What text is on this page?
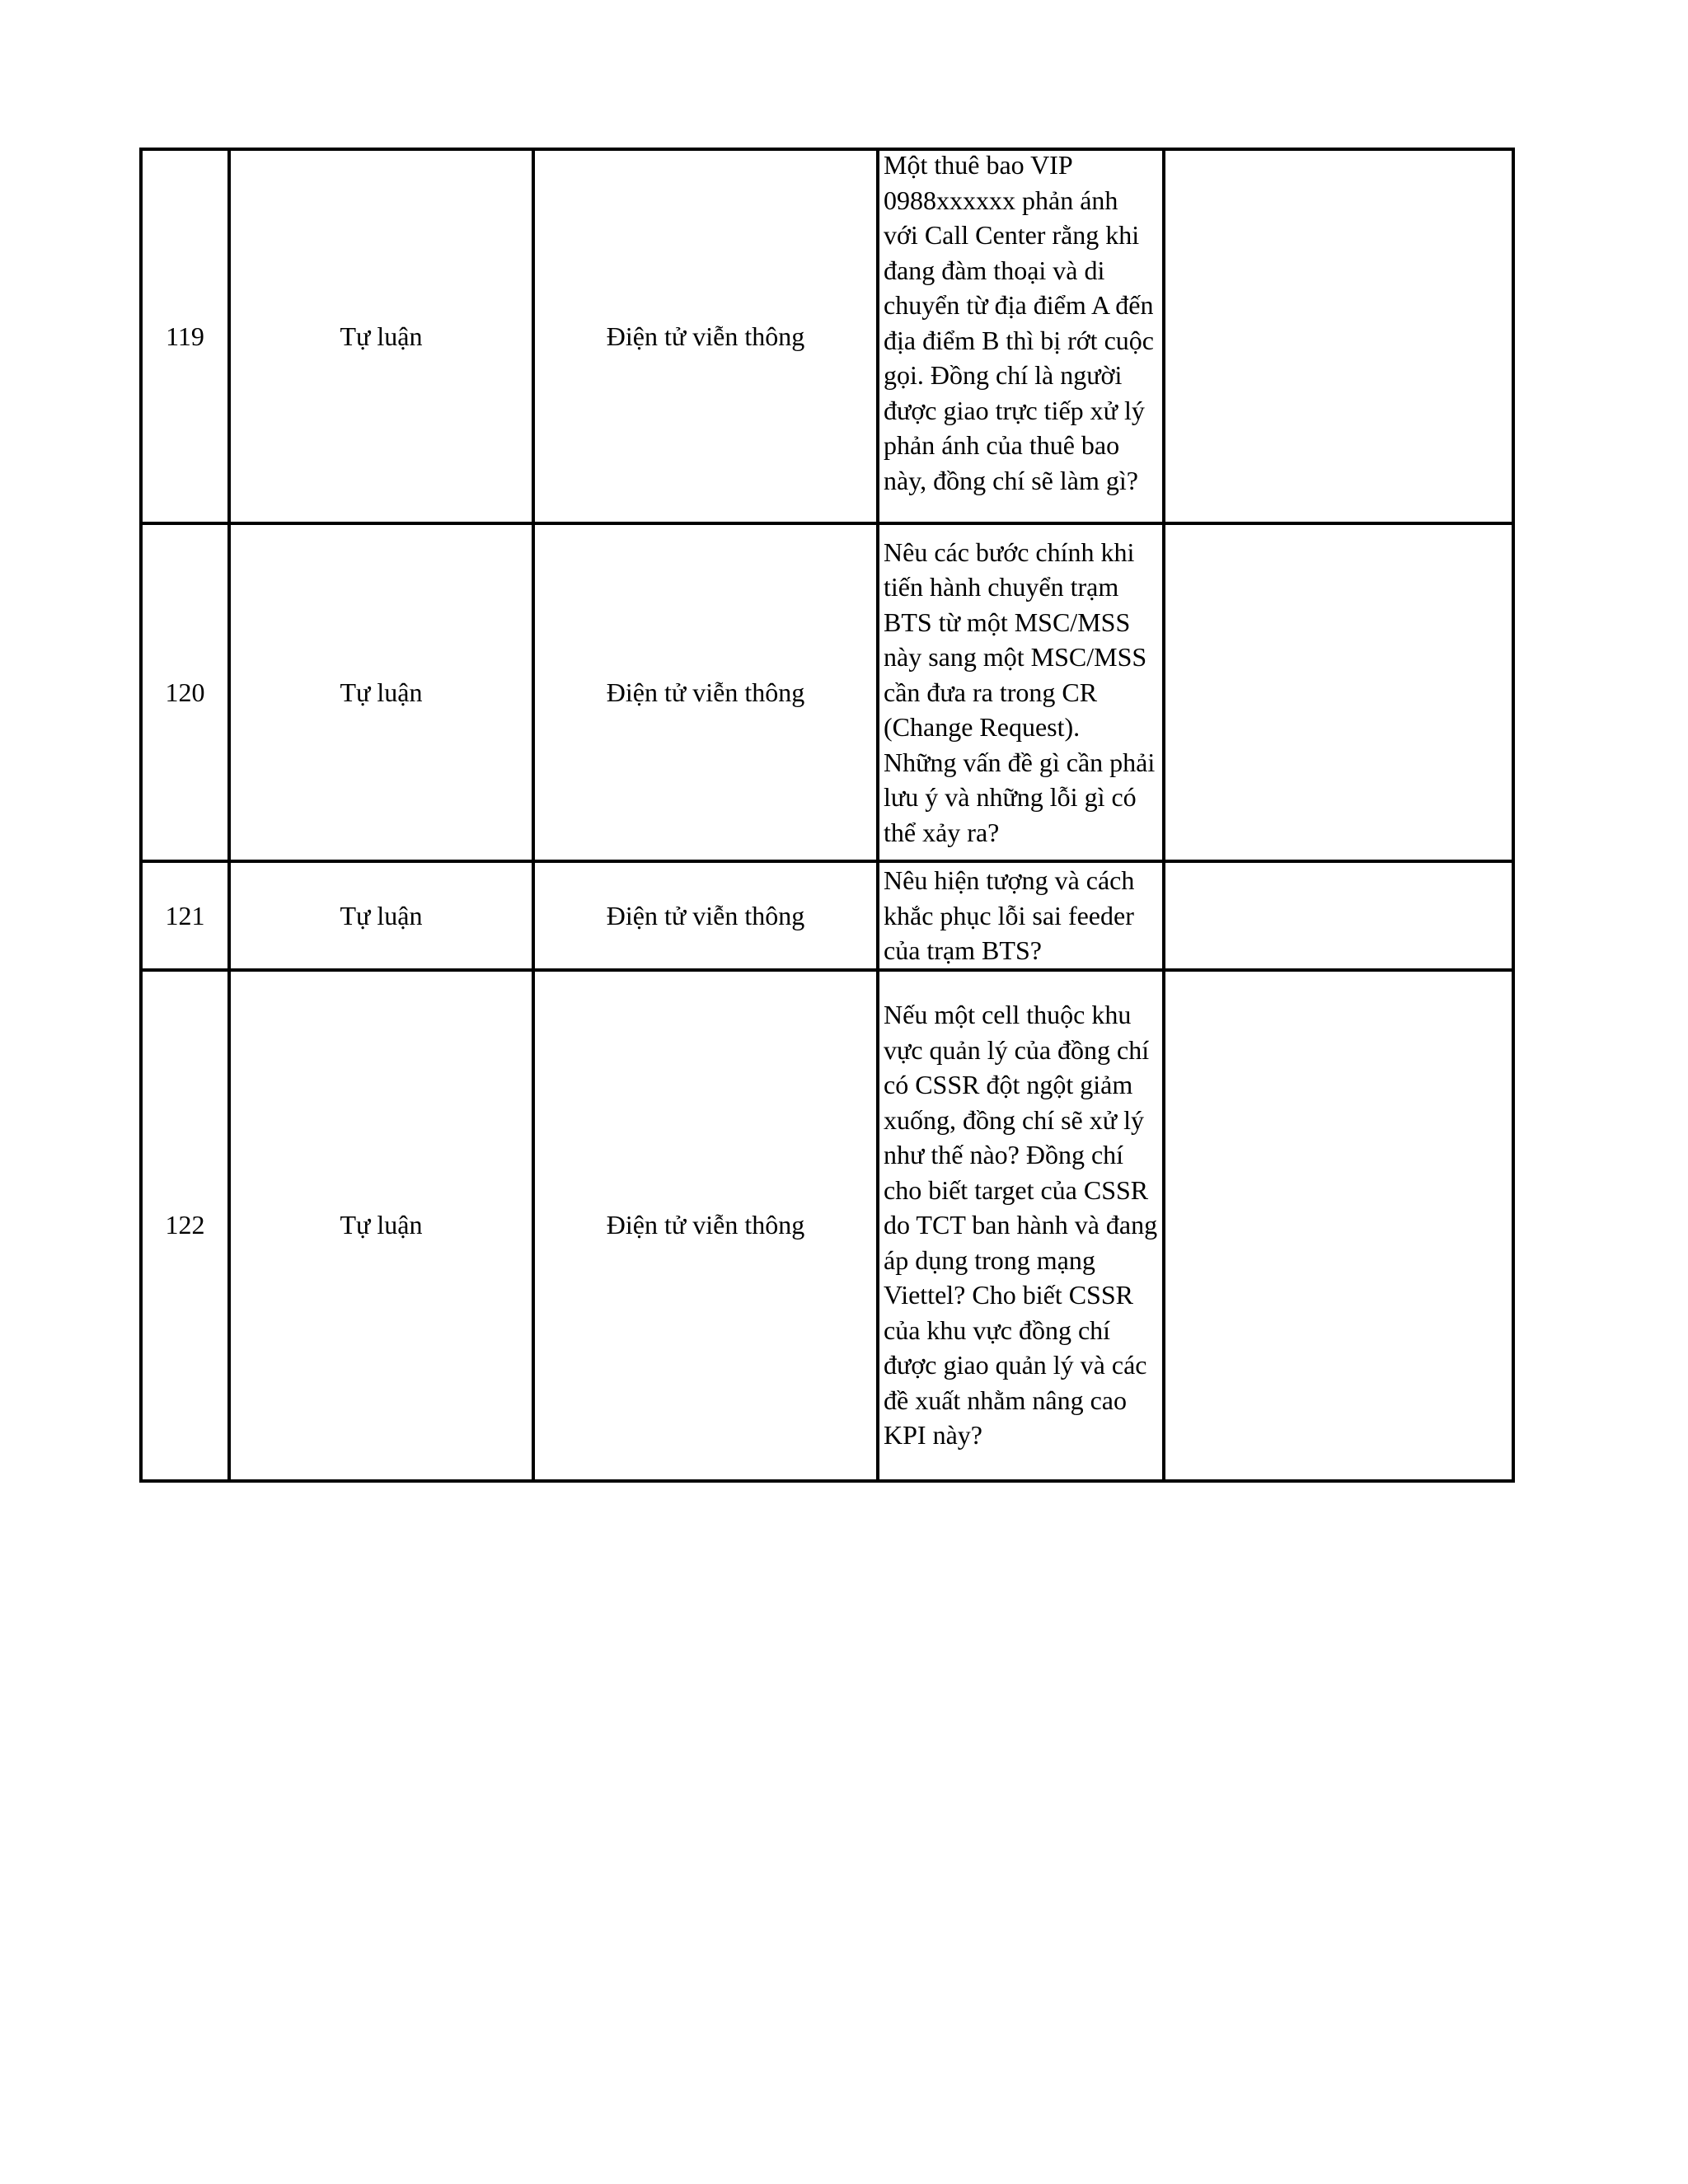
119	Tự luận	Điện tử viễn thông	Một thuê bao VIP 0988xxxxxx phản ánh với Call Center rằng khi đang đàm thoại và di chuyển từ địa điểm A đến địa điểm B thì bị rớt cuộc gọi. Đồng chí là người được giao trực tiếp xử lý phản ánh của thuê bao này, đồng chí sẽ làm gì?	

120	Tự luận	Điện tử viễn thông	Nêu các bước chính khi tiến hành chuyển trạm BTS từ một MSC/MSS này sang một MSC/MSS cần đưa ra trong CR (Change Request). Những vấn đề gì cần phải lưu ý và những lỗi gì có thể xảy ra?	

121	Tự luận	Điện tử viễn thông	Nêu hiện tượng và cách khắc phục lỗi sai feeder của trạm BTS?	

122	Tự luận	Điện tử viễn thông	Nếu một cell thuộc khu vực quản lý của đồng chí có CSSR đột ngột giảm xuống, đồng chí sẽ xử lý như thế nào? Đồng chí cho biết target của CSSR do TCT ban hành và đang áp dụng trong mạng Viettel? Cho biết CSSR của khu vực đồng chí được giao quản lý và các đề xuất nhằm nâng cao KPI này?	
